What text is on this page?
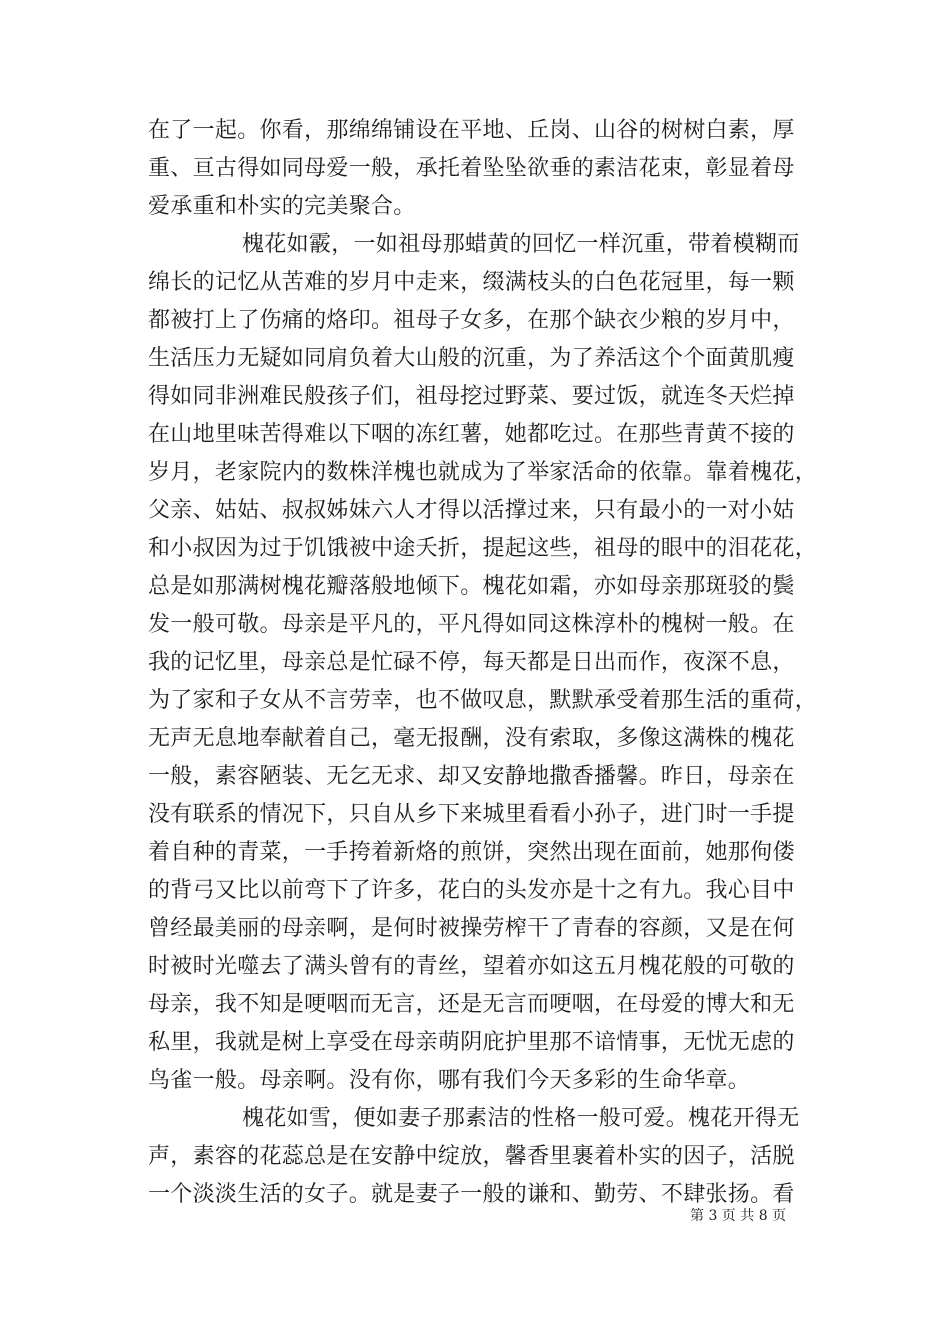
在了一起。你看，那绵绵铺设在平地、丘岗、山谷的树树白素，厚
重、亘古得如同母爱一般，承托着坠坠欲垂的素洁花束，彰显着母
爱承重和朴实的完美聚合。
槐花如霰，一如祖母那蜡黄的回忆一样沉重，带着模糊而
绵长的记忆从苦难的岁月中走来，缀满枝头的白色花冠里，每一颗
都被打上了伤痛的烙印。祖母子女多，在那个缺衣少粮的岁月中，
生活压力无疑如同肩负着大山般的沉重，为了养活这个个面黄肌瘦
得如同非洲难民般孩子们，祖母挖过野菜、要过饭，就连冬天烂掉
在山地里味苦得难以下咽的冻红薯，她都吃过。在那些青黄不接的
岁月，老家院内的数株洋槐也就成为了举家活命的依靠。靠着槐花，
父亲、姑姑、叔叔姊妹六人才得以活撑过来，只有最小的一对小姑
和小叔因为过于饥饿被中途夭折，提起这些，祖母的眼中的泪花花，
总是如那满树槐花瓣落般地倾下。槐花如霜，亦如母亲那斑驳的鬓
发一般可敬。母亲是平凡的，平凡得如同这株淳朴的槐树一般。在
我的记忆里，母亲总是忙碌不停，每天都是日出而作，夜深不息，
为了家和子女从不言劳幸，也不做叹息，默默承受着那生活的重荷，
无声无息地奉献着自己，毫无报酬，没有索取，多像这满株的槐花
一般，素容陋装、无乞无求、却又安静地撒香播馨。昨日，母亲在
没有联系的情况下，只自从乡下来城里看看小孙子，进门时一手提
着自种的青菜，一手挎着新烙的煎饼，突然出现在面前，她那佝偻
的背弓又比以前弯下了许多，花白的头发亦是十之有九。我心目中
曾经最美丽的母亲啊，是何时被操劳榨干了青春的容颜，又是在何
时被时光噬去了满头曾有的青丝，望着亦如这五月槐花般的可敬的
母亲，我不知是哽咽而无言，还是无言而哽咽，在母爱的博大和无
私里，我就是树上享受在母亲萌阴庇护里那不谙情事，无忧无虑的
鸟雀一般。母亲啊。没有你，哪有我们今天多彩的生命华章。
槐花如雪，便如妻子那素洁的性格一般可爱。槐花开得无
声，素容的花蕊总是在安静中绽放，馨香里裹着朴实的因子，活脱
一个淡淡生活的女子。就是妻子一般的谦和、勤劳、不肆张扬。看
第 3 页 共 8 页
